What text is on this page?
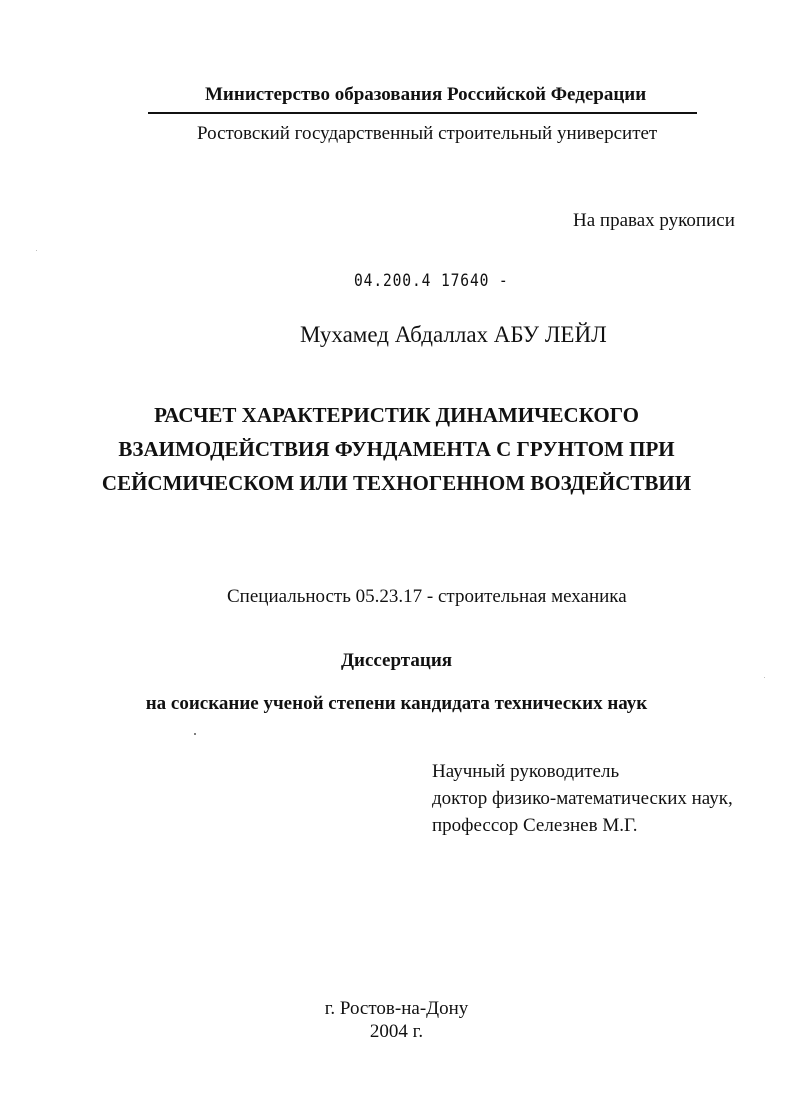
Министерство образования Российской Федерации
Ростовский государственный строительный университет
На правах рукописи
04.200.4 17640 -
Мухамед Абдаллах АБУ ЛЕЙЛ
РАСЧЕТ ХАРАКТЕРИСТИК ДИНАМИЧЕСКОГО
ВЗАИМОДЕЙСТВИЯ ФУНДАМЕНТА С ГРУНТОМ ПРИ
СЕЙСМИЧЕСКОМ ИЛИ ТЕХНОГЕННОМ ВОЗДЕЙСТВИИ
Специальность 05.23.17 - строительная механика
Диссертация
на соискание ученой степени кандидата технических наук
Научный руководитель
доктор физико-математических наук,
профессор Селезнев М.Г.
г. Ростов-на-Дону
2004 г.
